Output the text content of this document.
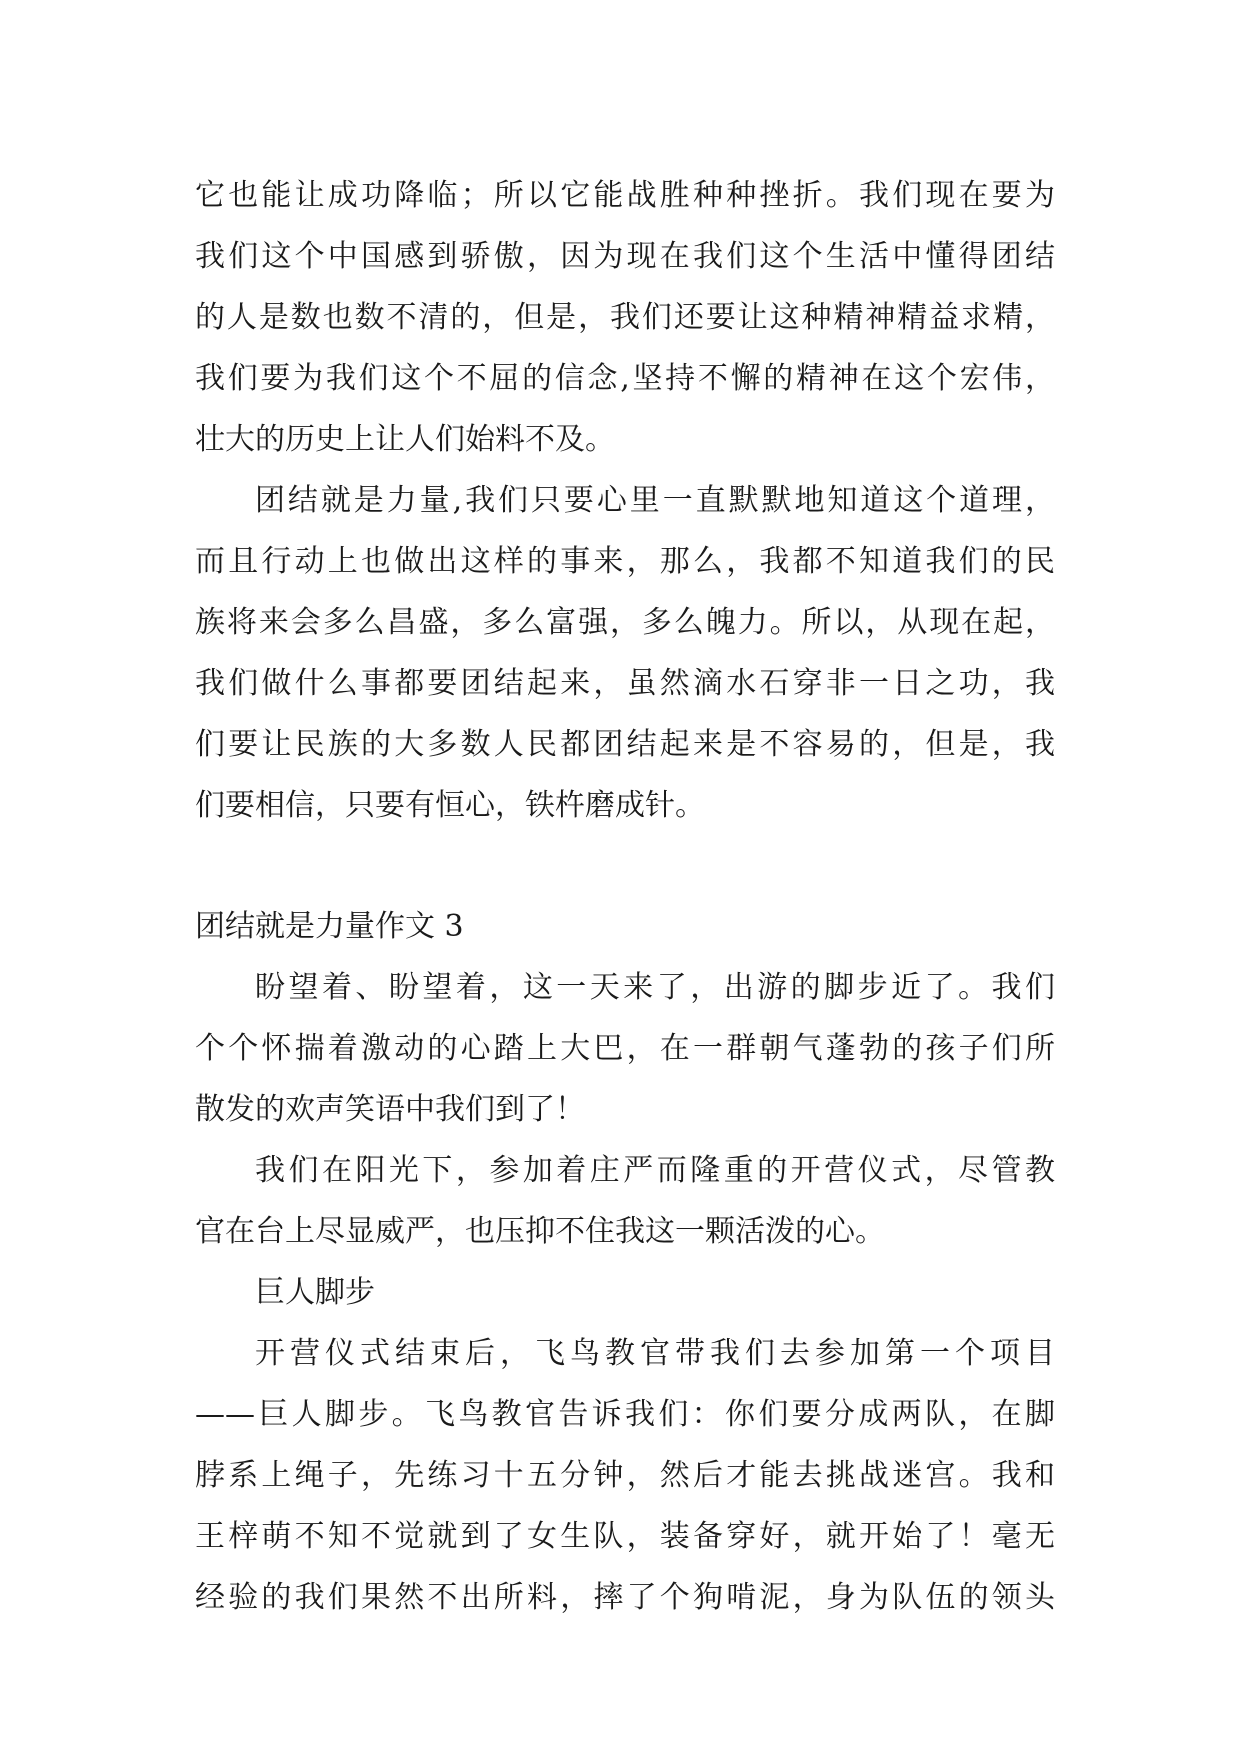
它也能让成功降临；所以它能战胜种种挫折。我们现在要为
我们这个中国感到骄傲，因为现在我们这个生活中懂得团结
的人是数也数不清的，但是，我们还要让这种精神精益求精，
我们要为我们这个不屈的信念,坚持不懈的精神在这个宏伟，
壮大的历史上让人们始料不及。
团结就是力量,我们只要心里一直默默地知道这个道理，
而且行动上也做出这样的事来，那么，我都不知道我们的民
族将来会多么昌盛，多么富强，多么魄力。所以，从现在起，
我们做什么事都要团结起来，虽然滴水石穿非一日之功，我
们要让民族的大多数人民都团结起来是不容易的，但是，我
们要相信，只要有恒心，铁杵磨成针。
团结就是力量作文 3
盼望着、盼望着，这一天来了，出游的脚步近了。我们
个个怀揣着激动的心踏上大巴，在一群朝气蓬勃的孩子们所
散发的欢声笑语中我们到了！
我们在阳光下，参加着庄严而隆重的开营仪式，尽管教
官在台上尽显威严，也压抑不住我这一颗活泼的心。
巨人脚步
开营仪式结束后，飞鸟教官带我们去参加第一个项目
——巨人脚步。飞鸟教官告诉我们：你们要分成两队，在脚
脖系上绳子，先练习十五分钟，然后才能去挑战迷宫。我和
王梓萌不知不觉就到了女生队，装备穿好，就开始了！毫无
经验的我们果然不出所料，摔了个狗啃泥，身为队伍的领头
